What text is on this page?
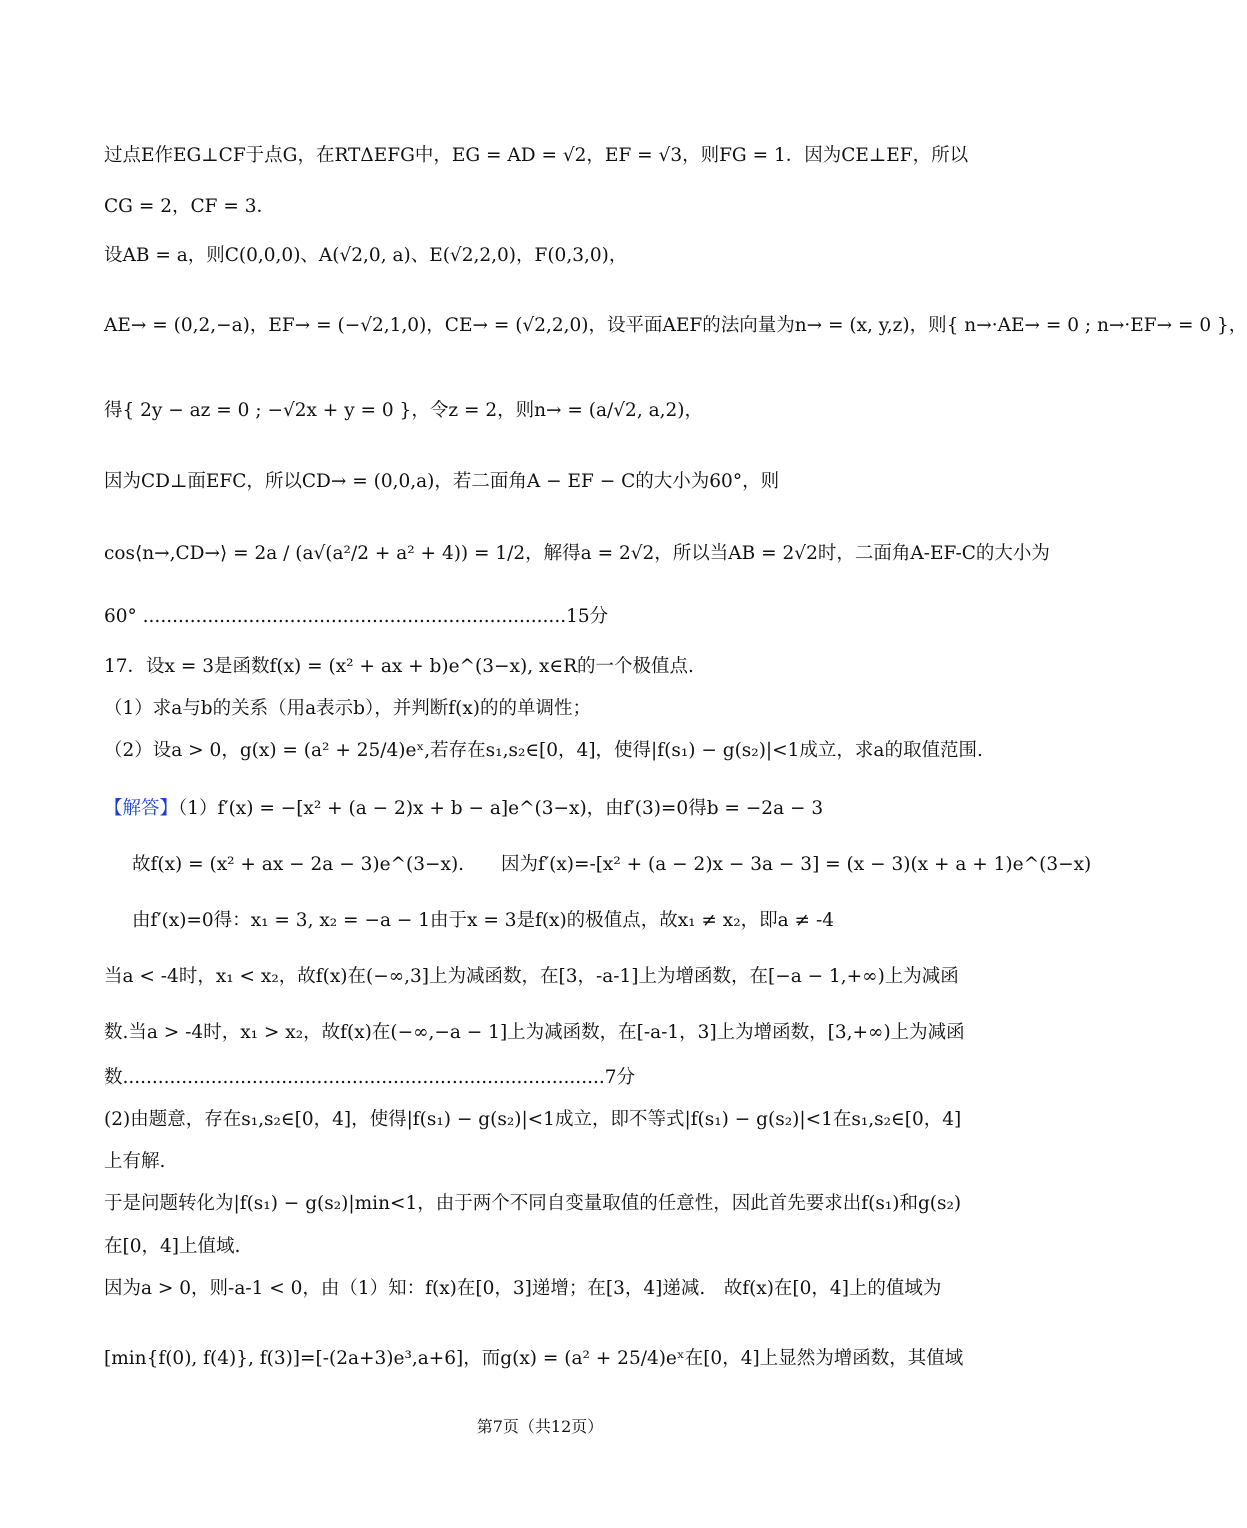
过点E作EG⊥CF于点G，在RTΔEFG中，EG = AD = √2，EF = √3，则FG = 1．因为CE⊥EF，所以
CG = 2，CF = 3．
设AB = a，则C(0,0,0)、A(√2,0, a)、E(√2,2,0)，F(0,3,0)，
AE→ = (0,2,−a)，EF→ = (−√2,1,0)，CE→ = (√2,2,0)，设平面AEF的法向量为n→ = (x, y,z)，则{ n→·AE→ = 0 ; n→·EF→ = 0 }，
得{ 2y − az = 0 ; −√2x + y = 0 }，令z = 2，则n→ = (a/√2, a,2)，
因为CD⊥面EFC，所以CD→ = (0,0,a)，若二面角A − EF − C的大小为60°，则
cos⟨n→,CD→⟩ = 2a / (a√(a²/2 + a² + 4)) = 1/2，解得a = 2√2，所以当AB = 2√2时，二面角A-EF-C的大小为
60° ........................................................................15分
17．设x = 3是函数f(x) = (x² + ax + b)e^(3−x), x∈R的一个极值点.
（1）求a与b的关系（用a表示b），并判断f(x)的的单调性；
（2）设a > 0，g(x) = (a² + 25/4)eˣ,若存在s₁,s₂∈[0，4]，使得|f(s₁) − g(s₂)|<1成立，求a的取值范围.
【解答】（1）f′(x) = −[x² + (a − 2)x + b − a]e^(3−x)，由f′(3)=0得b = −2a − 3
故f(x) = (x² + ax − 2a − 3)e^(3−x).　　因为f′(x)=-[x² + (a − 2)x − 3a − 3] = (x − 3)(x + a + 1)e^(3−x)
由f′(x)=0得：x₁ = 3, x₂ = −a − 1由于x = 3是f(x)的极值点，故x₁ ≠ x₂，即a ≠ -4
当a < -4时，x₁ < x₂，故f(x)在(−∞,3]上为减函数，在[3，-a-1]上为增函数，在[−a − 1,+∞)上为减函
数.当a > -4时，x₁ > x₂，故f(x)在(−∞,−a − 1]上为减函数，在[-a-1，3]上为增函数，[3,+∞)上为减函
数..................................................................................7分
(2)由题意，存在s₁,s₂∈[0，4]，使得|f(s₁) − g(s₂)|<1成立，即不等式|f(s₁) − g(s₂)|<1在s₁,s₂∈[0，4]
上有解.
于是问题转化为|f(s₁) − g(s₂)|min<1，由于两个不同自变量取值的任意性，因此首先要求出f(s₁)和g(s₂)
在[0，4]上值域.
因为a > 0，则-a-1 < 0，由（1）知：f(x)在[0，3]递增；在[3，4]递减.　故f(x)在[0，4]上的值域为
[min{f(0), f(4)}, f(3)]=[-(2a+3)e³,a+6]，而g(x) = (a² + 25/4)eˣ在[0，4]上显然为增函数，其值域
第7页（共12页）
